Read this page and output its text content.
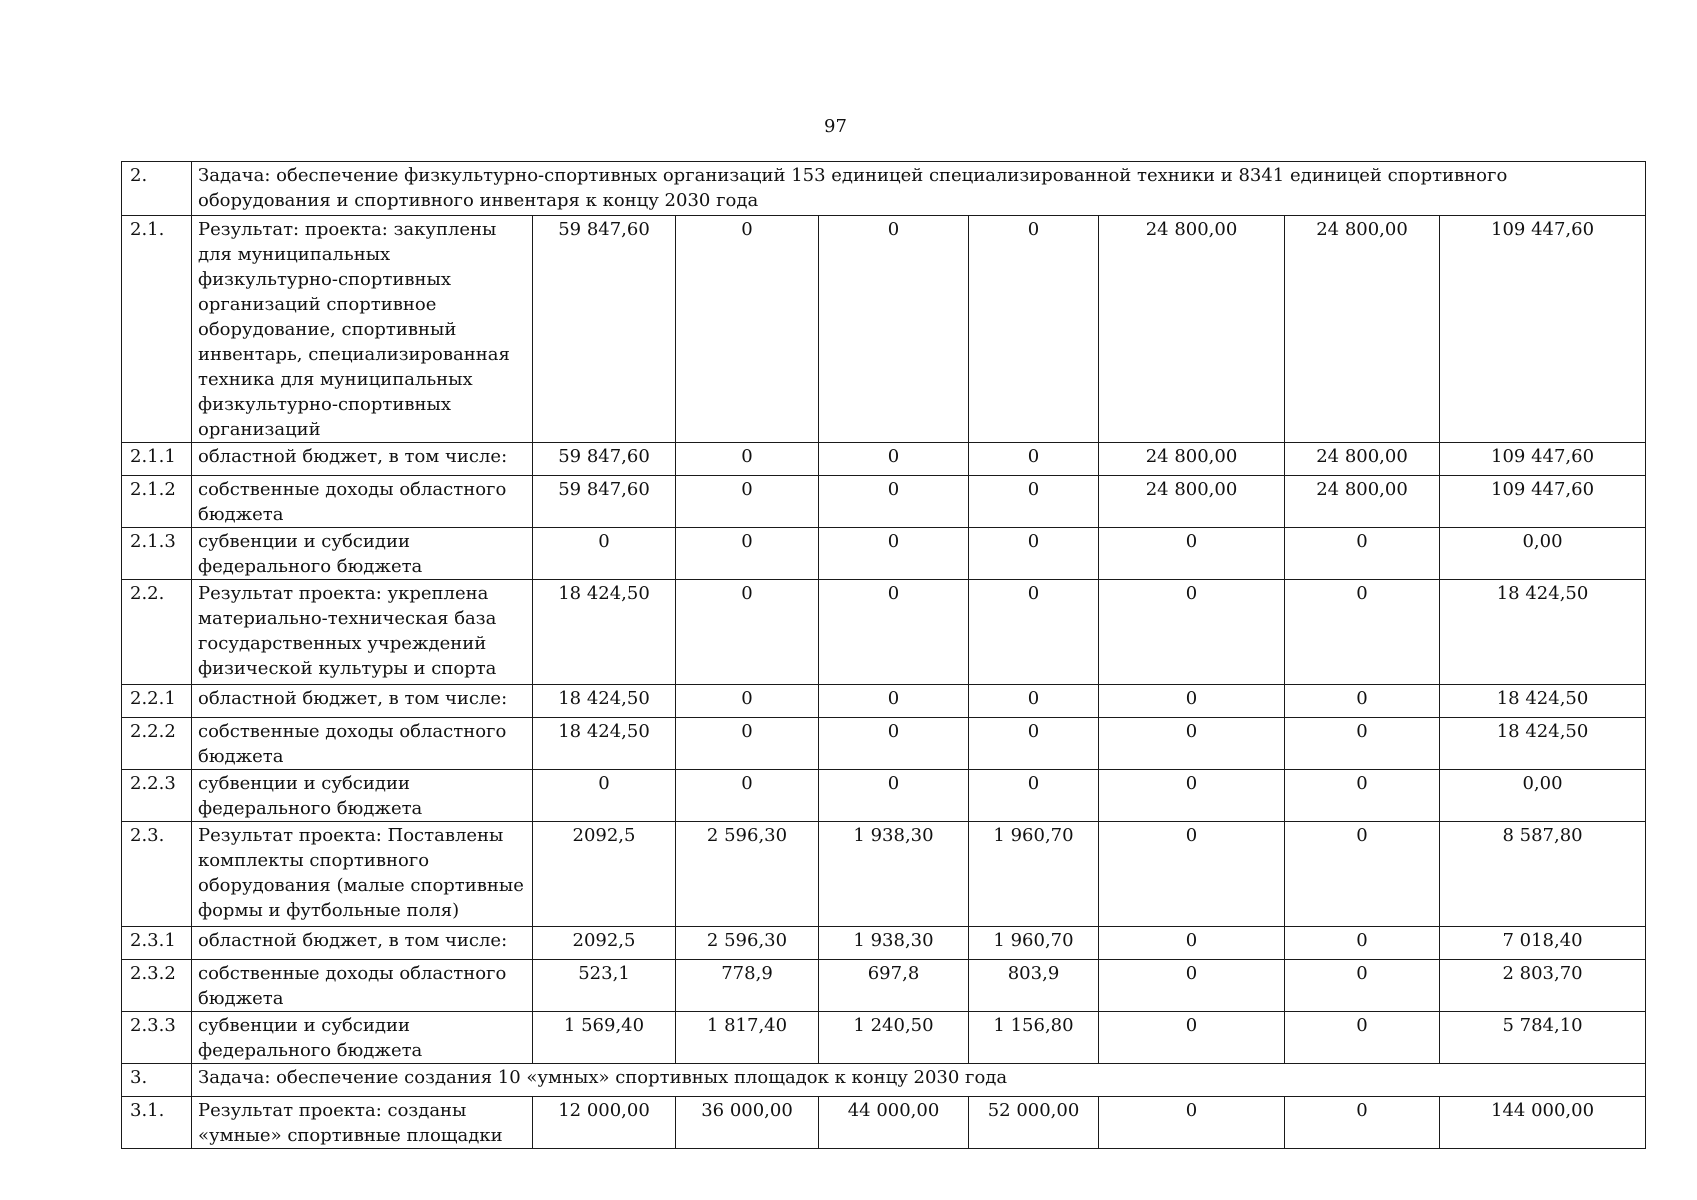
97
2.	Задача: обеспечение физкультурно-спортивных организаций 153 единицей специализированной техники и 8341 единицей спортивного оборудования и спортивного инвентаря к концу 2030 года							
2.1.	Результат: проекта: закуплены для муниципальных физкультурно-спортивных организаций спортивное оборудование, спортивный инвентарь, специализированная техника для муниципальных физкультурно-спортивных организаций	59 847,60	0	0	0	24 800,00	24 800,00	109 447,60
2.1.1	областной бюджет, в том числе:	59 847,60	0	0	0	24 800,00	24 800,00	109 447,60
2.1.2	собственные доходы областного бюджета	59 847,60	0	0	0	24 800,00	24 800,00	109 447,60
2.1.3	субвенции и субсидии федерального бюджета	0	0	0	0	0	0	0,00
2.2.	Результат проекта: укреплена материально-техническая база государственных учреждений физической культуры и спорта	18 424,50	0	0	0	0	0	18 424,50
2.2.1	областной бюджет, в том числе:	18 424,50	0	0	0	0	0	18 424,50
2.2.2	собственные доходы областного бюджета	18 424,50	0	0	0	0	0	18 424,50
2.2.3	субвенции и субсидии федерального бюджета	0	0	0	0	0	0	0,00
2.3.	Результат проекта: Поставлены комплекты спортивного оборудования (малые спортивные формы и футбольные поля)	2092,5	2 596,30	1 938,30	1 960,70	0	0	8 587,80
2.3.1	областной бюджет, в том числе:	2092,5	2 596,30	1 938,30	1 960,70	0	0	7 018,40
2.3.2	собственные доходы областного бюджета	523,1	778,9	697,8	803,9	0	0	2 803,70
2.3.3	субвенции и субсидии федерального бюджета	1 569,40	1 817,40	1 240,50	1 156,80	0	0	5 784,10
3.	Задача: обеспечение создания 10 «умных» спортивных площадок к концу 2030 года							
3.1.	Результат проекта: созданы «умные» спортивные площадки	12 000,00	36 000,00	44 000,00	52 000,00	0	0	144 000,00
